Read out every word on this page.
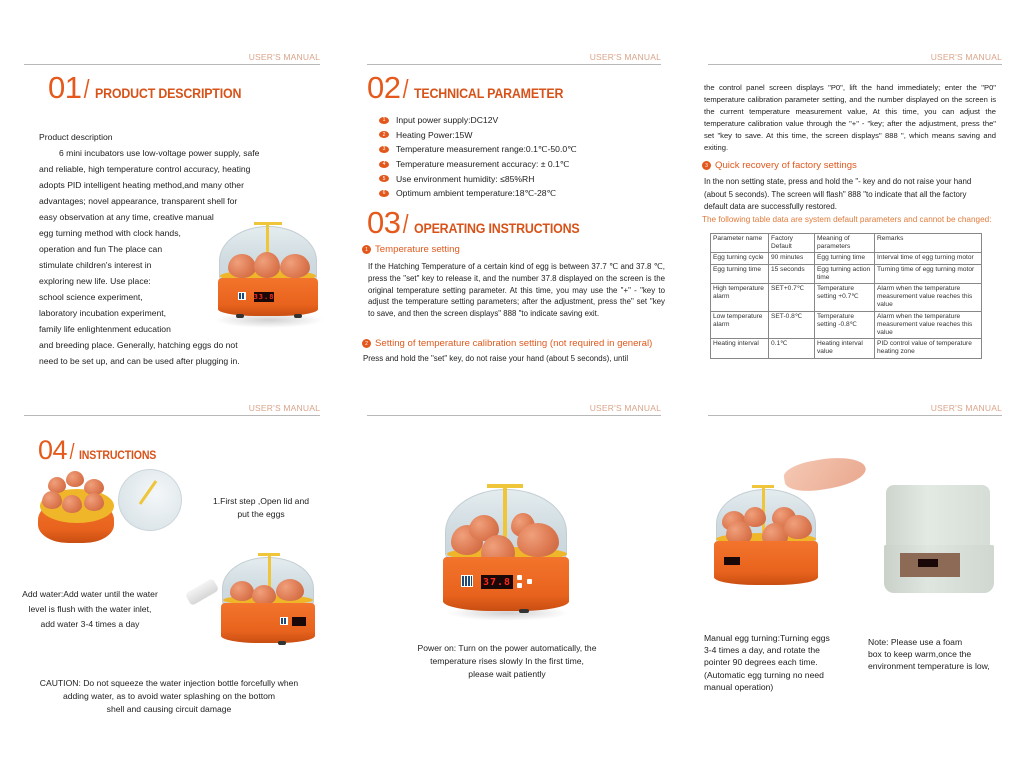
USER'S MANUAL
01 / PRODUCT DESCRIPTION
Product description
6 mini incubators use low-voltage power supply, safe
and reliable, high temperature control accuracy, heating
adopts PID intelligent heating method,and many other
advantages; novel appearance, transparent shell for
easy observation at any time, creative manual
egg turning method with clock hands,
operation and fun The place can
stimulate children's interest in
exploring new life. Use place:
school science experiment,
laboratory incubation experiment,
family life enlightenment education
and breeding place. Generally, hatching eggs do not
need to be set up, and can be used after plugging in.
33.8
USER'S MANUAL
02 / TECHNICAL PARAMETER
1	Input power supply:DC12V
2	Heating Power:15W
3	Temperature measurement range:0.1℃-50.0℃
4	Temperature measurement accuracy: ± 0.1℃
5	Use environment humidity: ≤85%RH
6	Optimum ambient temperature:18℃-28℃
03 / OPERATING INSTRUCTIONS
1 Temperature setting

If the Hatching Temperature of a certain kind of egg is between 37.7 ℃ and 37.8 ℃, press the "set" key to release it, and the number 37.8 displayed on the screen is the original temperature setting parameter. At this time, you may use the "+" - "key to adjust the temperature setting parameters; after the adjustment, press the" set "key to save, and then the screen displays" 888 "to indicate saving exit.

2 Setting of temperature calibration setting (not required in general)

Press and hold the "set" key, do not raise your hand (about 5 seconds), until

USER'S MANUAL

the control panel screen displays "P0", lift the hand immediately; enter the "P0" temperature calibration parameter setting, and the number displayed on the screen is the current temperature measurement value, At this time, you can adjust the temperature calibration value through the "+" - "key; after the adjustment, press the" set "key to save. At this time, the screen displays" 888 ", which means saving and exiting.

3 Quick recovery of factory settings

In the non setting state, press and hold the "- key and do not raise your hand (about 5 seconds). The screen will flash" 888 "to indicate that all the factory default data are successfully restored.

The following table data are system default parameters and cannot be changed:
Parameter name	Factory Default	Meaning of parameters	Remarks
Egg turning cycle	90 minutes	Egg turning time	Interval time of egg turning motor
Egg turning time	15 seconds	Egg turning action time	Turning time of egg turning motor
High temperature alarm	SET+0.7℃	Temperature setting +0.7℃	Alarm when the temperature measurement value reaches this value
Low temperature alarm	SET-0.8℃	Temperature setting -0.8℃	Alarm when the temperature measurement value reaches this value
Heating interval	0.1℃	Heating interval value	PID control value of temperature heating zone
USER'S MANUAL
04 / INSTRUCTIONS
1.First step ,Open lid and
put the eggs
Add water:Add water until the water
level is flush with the water inlet,
add water 3-4 times a day
CAUTION: Do not squeeze the water injection bottle forcefully when
adding water, as to avoid water splashing on the bottom
shell and causing circuit damage
USER'S MANUAL
37.8
Power on: Turn on the power automatically, the
temperature rises slowly In the first time,
please wait patiently
USER'S MANUAL
Manual egg turning:Turning eggs
3-4 times a day, and rotate the
pointer 90 degrees each time.
(Automatic egg turning no need
manual operation)
Note: Please use a foam
box to keep warm,once the
environment temperature is low,
